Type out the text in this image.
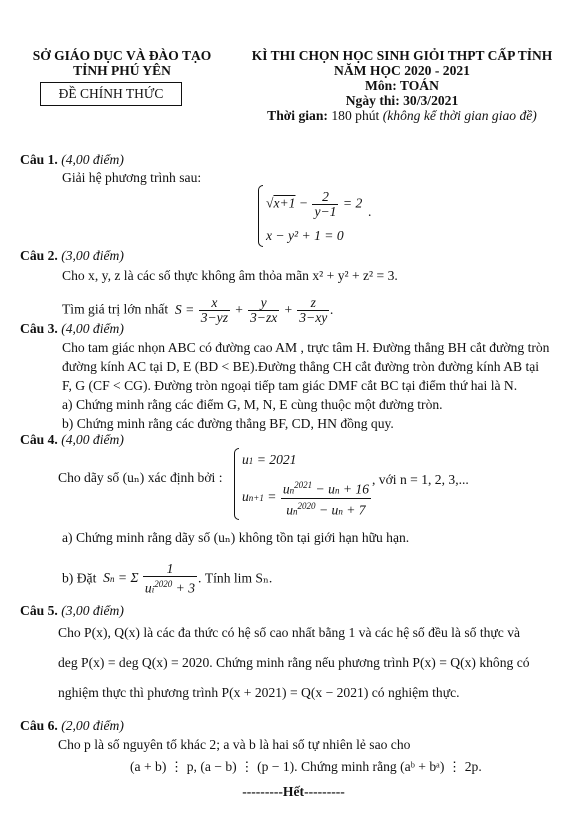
SỞ GIÁO DỤC VÀ ĐÀO TẠO
TỈNH PHÚ YÊN
ĐỀ CHÍNH THỨC
KÌ THI CHỌN HỌC SINH GIỎI THPT CẤP TỈNH
NĂM HỌC 2020 - 2021
Môn: TOÁN
Ngày thi: 30/3/2021
Thời gian: 180 phút (không kể thời gian giao đề)
Câu 1. (4,00 điểm)
Giải hệ phương trình sau:
$√x+1 - \frac{2}{y-1} = 2$
.
x − y² + 1 = 0
Câu 2. (3,00 điểm)
Cho x, y, z là các số thực không âm thỏa mãn x² + y² + z² = 3.
Tìm giá trị lớn nhất  $S = \frac{x}{3-yz} + \frac{y}{3-zx} + \frac{z}{3-xy}$ .
Câu 3. (4,00 điểm)
Cho tam giác nhọn ABC có đường cao AM , trực tâm H. Đường thẳng BH cắt đường tròn
đường kính AC tại D, E (BD < BE).Đường thẳng CH cắt đường tròn đường kính AB tại
F, G (CF < CG). Đường tròn ngoại tiếp tam giác DMF cắt BC tại điểm thứ hai là N.
a) Chứng minh rằng các điểm G, M, N, E cùng thuộc một đường tròn.
b) Chứng minh rằng các đường thẳng BF, CD, HN đồng quy.
Câu 4. (4,00 điểm)
Cho dãy số (uₙ) xác định bởi :
u1 = 2021
$un+1 = \frac{un^{2021} - un + 16}{un^{2020} - un + 7}$ , với n = 1, 2, 3,...
a) Chứng minh rằng dãy số (uₙ) không tồn tại giới hạn hữu hạn.
b) Đặt  Sn = Σ $\frac{1}{ui^{2020} + 3}$ . Tính lim Sₙ.
Câu 5. (3,00 điểm)
Cho P(x), Q(x) là các đa thức có hệ số cao nhất bằng 1 và các hệ số đều là số thực và
deg P(x) = deg Q(x) = 2020. Chứng minh rằng nếu phương trình P(x) = Q(x) không có
nghiệm thực thì phương trình P(x + 2021) = Q(x − 2021) có nghiệm thực.
Câu 6. (2,00 điểm)
Cho p là số nguyên tố khác 2; a và b là hai số tự nhiên lẻ sao cho
(a + b) ⋮ p, (a − b) ⋮ (p − 1). Chứng minh rằng (aᵇ + bᵃ) ⋮ 2p.
---------Hết---------
